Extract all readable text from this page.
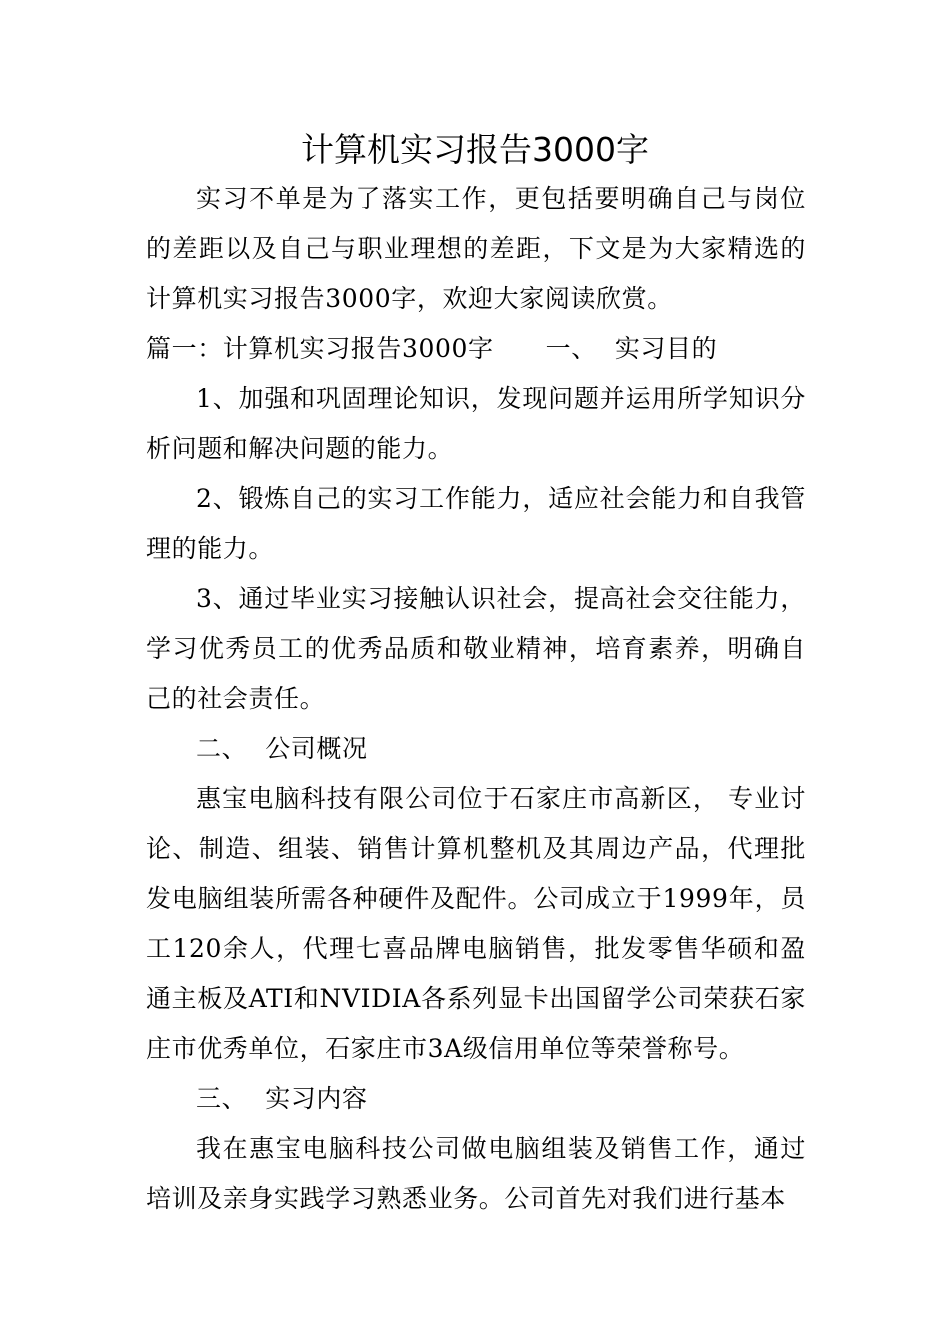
计算机实习报告3000字

实习不单是为了落实工作，更包括要明确自己与岗位的差距以及自己与职业理想的差距，下文是为大家精选的计算机实习报告3000字，欢迎大家阅读欣赏。

篇一：计算机实习报告3000字 一、 实习目的

1、加强和巩固理论知识，发现问题并运用所学知识分析问题和解决问题的能力。

2、锻炼自己的实习工作能力，适应社会能力和自我管理的能力。

3、通过毕业实习接触认识社会，提高社会交往能力，学习优秀员工的优秀品质和敬业精神，培育素养，明确自己的社会责任。

二、 公司概况

惠宝电脑科技有限公司位于石家庄市高新区， 专业讨论、制造、组装、销售计算机整机及其周边产品，代理批发电脑组装所需各种硬件及配件。公司成立于1999年，员工120余人，代理七喜品牌电脑销售，批发零售华硕和盈通主板及ATI和NVIDIA各系列显卡出国留学公司荣获石家庄市优秀单位，石家庄市3A级信用单位等荣誉称号。

三、 实习内容

我在惠宝电脑科技公司做电脑组装及销售工作，通过培训及亲身实践学习熟悉业务。公司首先对我们进行基本
